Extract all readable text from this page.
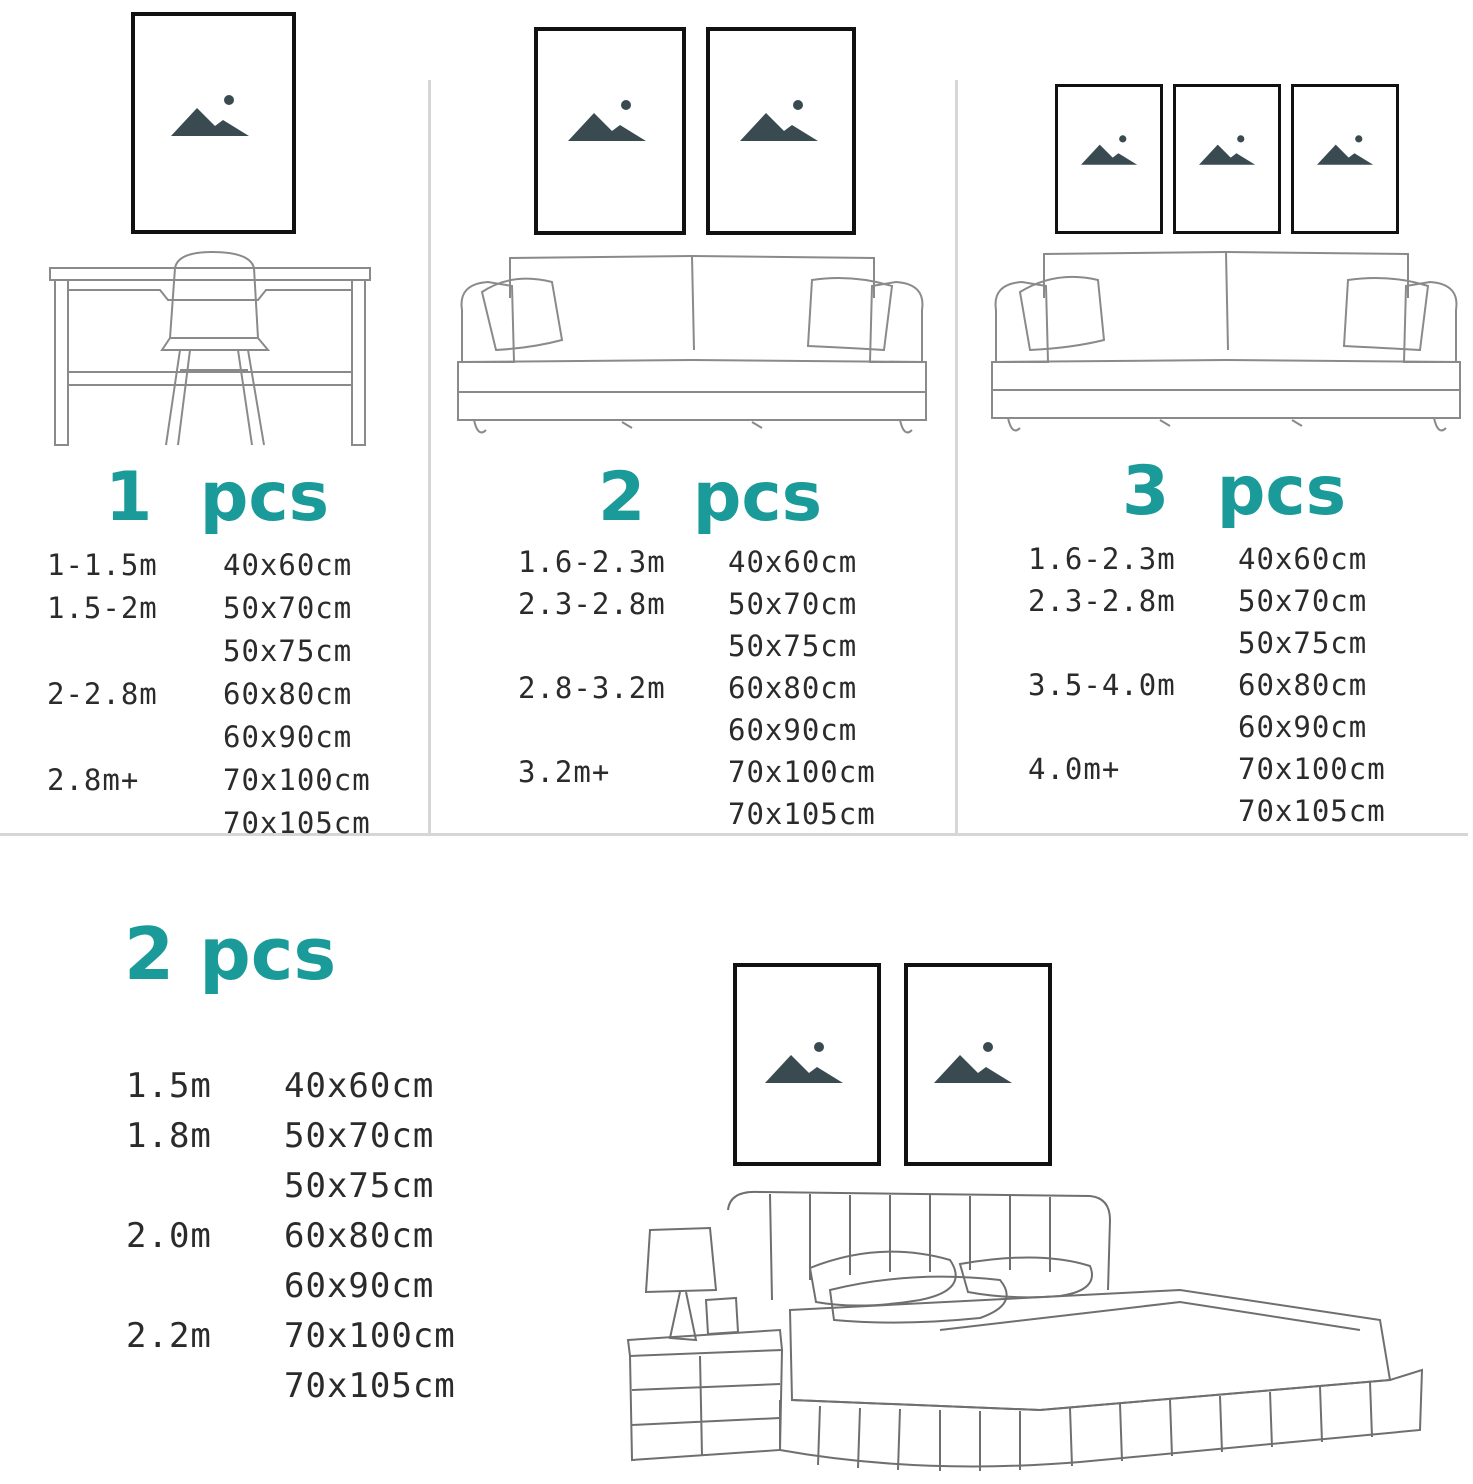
1 pcs
1-1.5m 40x60cm
1.5-2m 50x70cm
50x75cm
2-2.8m 60x80cm
60x90cm
2.8m+	70x100cm
70x105cm
2 pcs
1.6-2.3m 40x60cm
2.3-2.8m 50x70cm
50x75cm
2.8-3.2m 60x80cm
60x90cm
3.2m+	70x100cm
70x105cm
3 pcs
1.6-2.3m 40x60cm
2.3-2.8m 50x70cm
50x75cm
3.5-4.0m 60x80cm
60x90cm
4.0m+	70x100cm
70x105cm
2 pcs
1.5m 40x60cm
1.8m 50x70cm
50x75cm
2.0m 60x80cm
60x90cm
2.2m 70x100cm
70x105cm
